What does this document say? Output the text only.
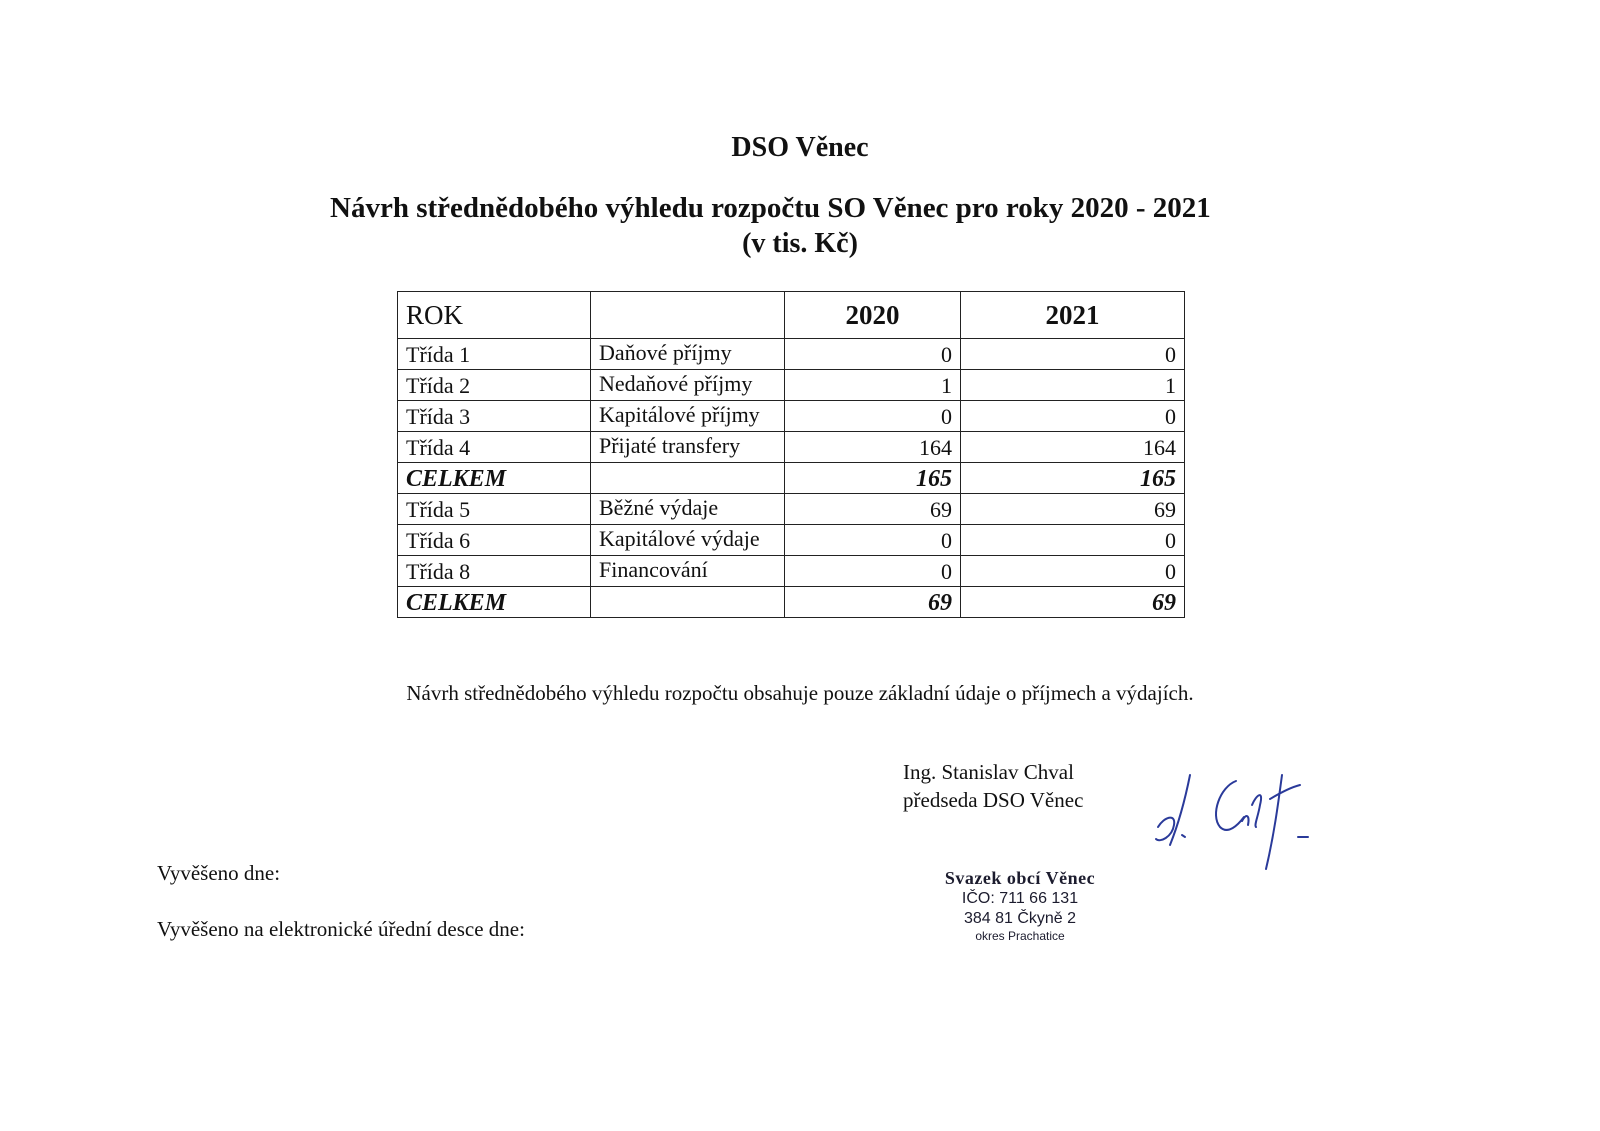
DSO Věnec
Návrh střednědobého výhledu rozpočtu SO Věnec pro roky 2020 - 2021
(v tis. Kč)
ROK		2020	2021
Třída 1	Daňové příjmy	0	0
Třída 2	Nedaňové příjmy	1	1
Třída 3	Kapitálové příjmy	0	0
Třída 4	Přijaté transfery	164	164
CELKEM		165	165
Třída 5	Běžné výdaje	69	69
Třída 6	Kapitálové výdaje	0	0
Třída 8	Financování	0	0
CELKEM		69	69

Návrh střednědobého výhledu rozpočtu obsahuje pouze základní údaje o příjmech a výdajích.

Ing. Stanislav Chval

předseda DSO Věnec

Vyvěšeno dne:

Vyvěšeno na elektronické úřední desce dne:

Svazek obcí Věnec
IČO: 711 66 131
384 81 Čkyně 2
okres Prachatice
